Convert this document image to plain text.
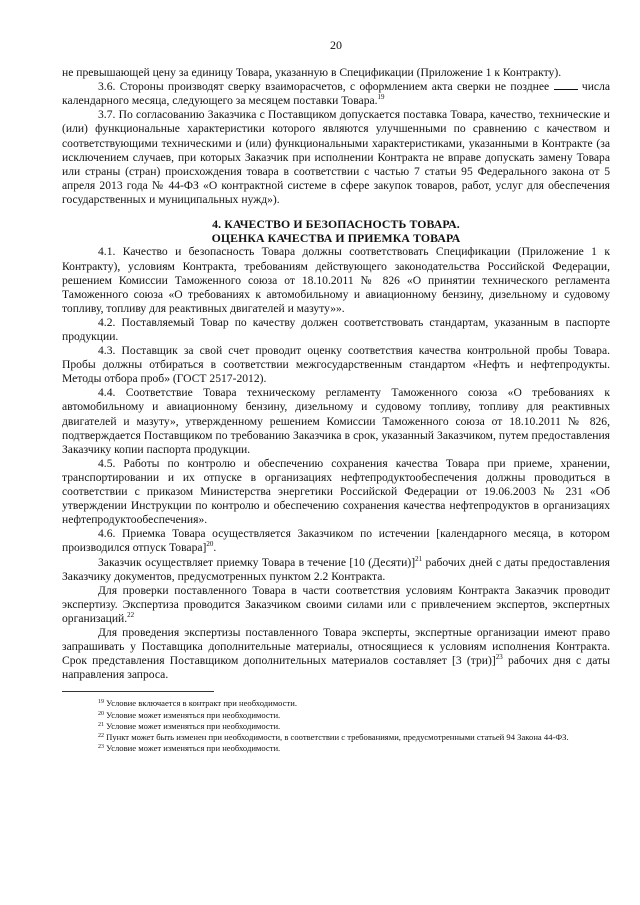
20

не превышающей цену за единицу Товара, указанную в Спецификации (Приложение 1 к Контракту).

3.6. Стороны производят сверку взаиморасчетов, с оформлением акта сверки не позднее	числа календарного месяца, следующего за месяцем поставки Товара.$^{19}$

3.7. По согласованию Заказчика с Поставщиком допускается поставка Товара, качество, технические и (или) функциональные характеристики которого являются улучшенными по сравнению с качеством и соответствующими техническими и (или) функциональными характеристиками, указанными в Контракте (за исключением случаев, при которых Заказчик при исполнении Контракта не вправе допускать замену Товара или страны (стран) происхождения товара в соответствии с частью 7 статьи 95 Федерального закона от 5 апреля 2013 года № 44-ФЗ «О контрактной системе в сфере закупок товаров, работ, услуг для обеспечения государственных и муниципальных нужд»).

4. КАЧЕСТВО И БЕЗОПАСНОСТЬ ТОВАРА.
ОЦЕНКА КАЧЕСТВА И ПРИЕМКА ТОВАРА

4.1. Качество и безопасность Товара должны соответствовать Спецификации (Приложение 1 к Контракту), условиям Контракта, требованиям действующего законодательства Российской Федерации, решением Комиссии Таможенного союза от 18.10.2011 № 826 «О принятии технического регламента Таможенного союза «О требованиях к автомобильному и авиационному бензину, дизельному и судовому топливу, топливу для реактивных двигателей и мазуту»».

4.2. Поставляемый Товар по качеству должен соответствовать стандартам, указанным в паспорте продукции.

4.3. Поставщик за свой счет проводит оценку соответствия качества контрольной пробы Товара. Пробы должны отбираться в соответствии межгосударственным стандартом «Нефть и нефтепродукты. Методы отбора проб» (ГОСТ 2517-2012).

4.4. Соответствие Товара техническому регламенту Таможенного союза «О требованиях к автомобильному и авиационному бензину, дизельному и судовому топливу, топливу для реактивных двигателей и мазуту», утвержденному решением Комиссии Таможенного союза от 18.10.2011 № 826, подтверждается Поставщиком по требованию Заказчика в срок, указанный Заказчиком, путем предоставления Заказчику копии паспорта продукции.

4.5. Работы по контролю и обеспечению сохранения качества Товара при приеме, хранении, транспортировании и их отпуске в организациях нефтепродуктообеспечения должны проводиться в соответствии с приказом Министерства энергетики Российской Федерации от 19.06.2003 № 231 «Об утверждении Инструкции по контролю и обеспечению сохранения качества нефтепродуктов в организациях нефтепродуктообеспечения».

4.6. Приемка Товара осуществляется Заказчиком по истечении [календарного месяца, в котором производился отпуск Товара]$^{20}$.

Заказчик осуществляет приемку Товара в течение [10 (Десяти)]$^{21}$ рабочих дней с даты предоставления Заказчику документов, предусмотренных пунктом 2.2 Контракта.

Для проверки поставленного Товара в части соответствия условиям Контракта Заказчик проводит экспертизу. Экспертиза проводится Заказчиком своими силами или с привлечением экспертов, экспертных организаций.$^{22}$

Для проведения экспертизы поставленного Товара эксперты, экспертные организации имеют право запрашивать у Поставщика дополнительные материалы, относящиеся к условиям исполнения Контракта. Срок представления Поставщиком дополнительных материалов составляет [3 (три)]$^{23}$ рабочих дня с даты направления запроса.

$^{19}$ Условие включается в контракт при необходимости.
$^{20}$ Условие может изменяться при необходимости.
$^{21}$ Условие может изменяться при необходимости.
$^{22}$ Пункт может быть изменен при необходимости, в соответствии с требованиями, предусмотренными статьей 94 Закона 44-ФЗ.
$^{23}$ Условие может изменяться при необходимости.
